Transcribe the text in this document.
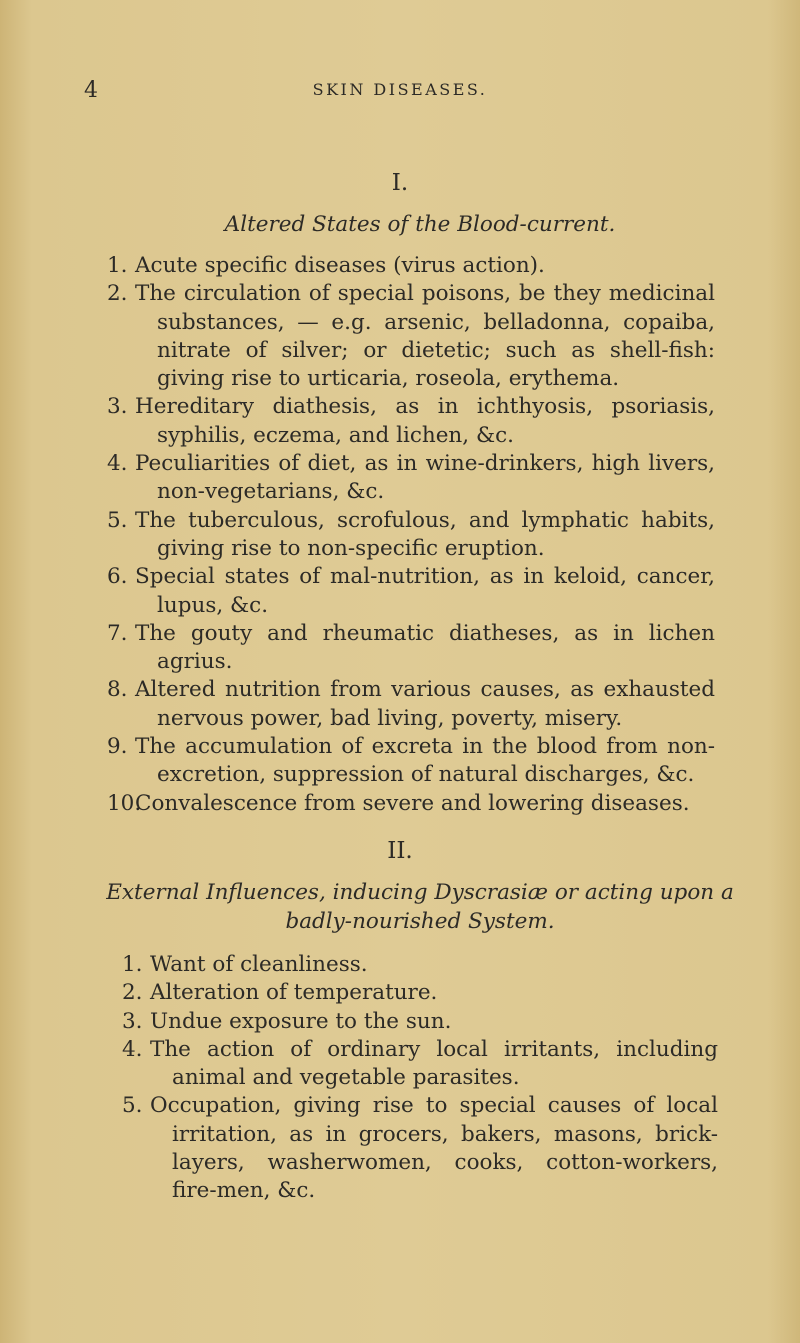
4	SKIN DISEASES.
I.
Altered States of the Blood-current.
1. Acute specific diseases (virus action).
2. The circulation of special poisons, be they medicinal substances, — e.g. arsenic, belladonna, copaiba, nitrate of silver; or dietetic; such as shell-fish: giving rise to urticaria, roseola, erythema.
3. Hereditary diathesis, as in ichthyosis, psoriasis, syphilis, eczema, and lichen, &c.
4. Peculiarities of diet, as in wine-drinkers, high livers, non-vegetarians, &c.
5. The tuberculous, scrofulous, and lymphatic habits, giving rise to non-specific eruption.
6. Special states of mal-nutrition, as in keloid, cancer, lupus, &c.
7. The gouty and rheumatic diatheses, as in lichen agrius.
8. Altered nutrition from various causes, as exhausted nervous power, bad living, poverty, misery.
9. The accumulation of excreta in the blood from non-excretion, suppression of natural discharges, &c.
10.Convalescence from severe and lowering diseases.
II.
External Influences, inducing Dyscrasiæ or acting upon a
badly-nourished System.
1. Want of cleanliness.
2. Alteration of temperature.
3. Undue exposure to the sun.
4. The action of ordinary local irritants, including animal and vegetable parasites.
5. Occupation, giving rise to special causes of local irritation, as in grocers, bakers, masons, brick-layers, washerwomen, cooks, cotton-workers, fire-men, &c.
